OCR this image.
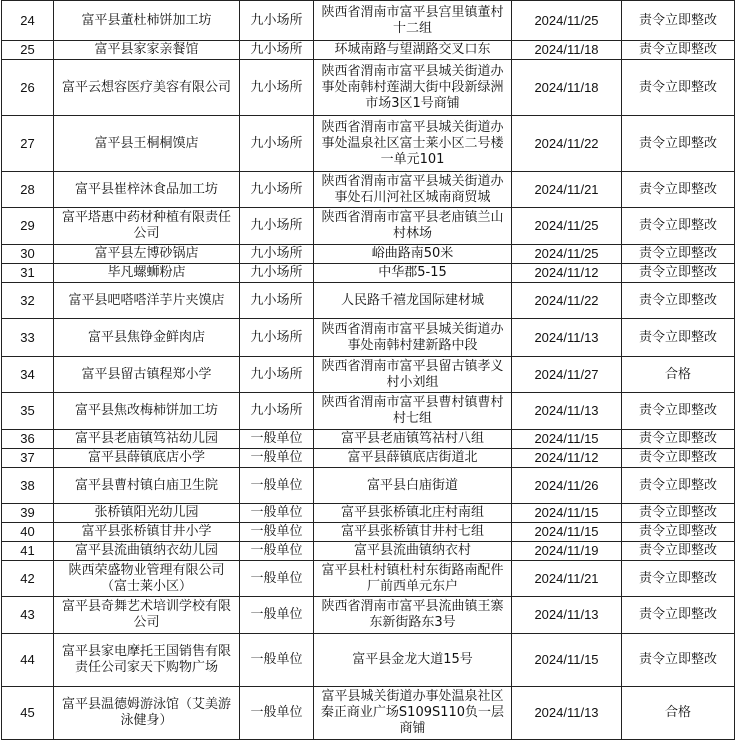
24	富平县董杜柿饼加工坊	九小场所	陕西省渭南市富平县宫里镇董村十二组	2024/11/25	责令立即整改
25	富平县家家亲餐馆	九小场所	环城南路与望湖路交叉口东	2024/11/18	责令立即整改
26	富平云想容医疗美容有限公司	九小场所	陕西省渭南市富平县城关街道办事处南韩村莲湖大街中段新绿洲市场3区1号商铺	2024/11/18	责令立即整改
27	富平县王桐桐馍店	九小场所	陕西省渭南市富平县城关街道办事处温泉社区富士莱小区二号楼一单元101	2024/11/22	责令立即整改
28	富平县崔梓沐食品加工坊	九小场所	陕西省渭南市富平县城关街道办事处石川河社区城南商贸城	2024/11/21	责令立即整改
29	富平塔惠中药材种植有限责任公司	九小场所	陕西省渭南市富平县老庙镇兰山村林场	2024/11/25	责令立即整改
30	富平县左博砂锅店	九小场所	峪曲路南50米	2024/11/25	责令立即整改
31	毕凡螺蛳粉店	九小场所	中华郡5-15	2024/11/12	责令立即整改
32	富平县吧嗒嗒洋芋片夹馍店	九小场所	人民路千禧龙国际建材城	2024/11/22	责令立即整改
33	富平县焦铮金鲜肉店	九小场所	陕西省渭南市富平县城关街道办事处南韩村建新路中段	2024/11/13	责令立即整改
34	富平县留古镇程郑小学	九小场所	陕西省渭南市富平县留古镇孝义村小刘组	2024/11/27	合格
35	富平县焦改梅柿饼加工坊	九小场所	陕西省渭南市富平县曹村镇曹村村七组	2024/11/13	责令立即整改
36	富平县老庙镇笃祜幼儿园	一般单位	富平县老庙镇笃祜村八组	2024/11/15	责令立即整改
37	富平县薛镇底店小学	一般单位	富平县薛镇底店街道北	2024/11/12	责令立即整改
38	富平县曹村镇白庙卫生院	一般单位	富平县白庙街道	2024/11/26	责令立即整改
39	张桥镇阳光幼儿园	一般单位	富平县张桥镇北庄村南组	2024/11/15	责令立即整改
40	富平县张桥镇甘井小学	一般单位	富平县张桥镇甘井村七组	2024/11/15	责令立即整改
41	富平县流曲镇纳衣幼儿园	一般单位	富平县流曲镇纳衣村	2024/11/19	责令立即整改
42	陕西荣盛物业管理有限公司（富士莱小区）	一般单位	富平县杜村镇杜村东街路南配件厂前西单元东户	2024/11/21	责令立即整改
43	富平县奇舞艺术培训学校有限公司	一般单位	陕西省渭南市富平县流曲镇王寨东新街路东3号	2024/11/13	责令立即整改
44	富平县家电摩托王国销售有限责任公司家天下购物广场	一般单位	富平县金龙大道15号	2024/11/15	责令立即整改
45	富平县温德姆游泳馆（艾美游泳健身）	一般单位	富平县城关街道办事处温泉社区秦正商业广场S109S110负一层商铺	2024/11/13	合格
